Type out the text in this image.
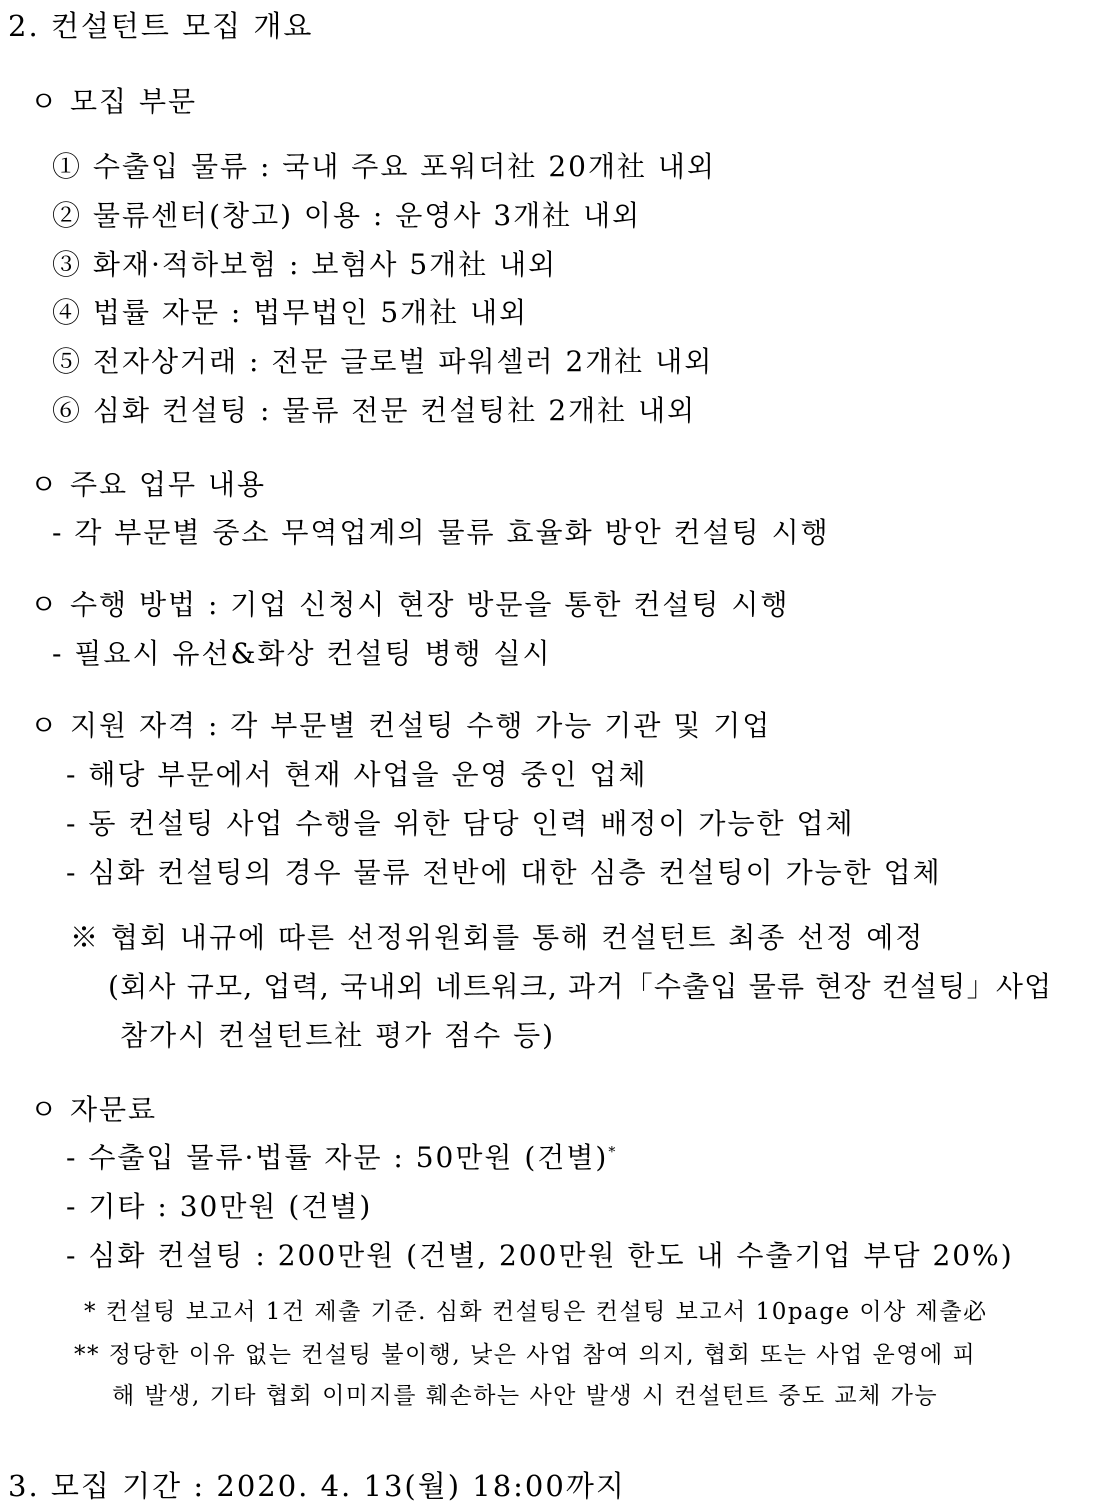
2. 컨설턴트 모집 개요
ㅇ 모집 부문
① 수출입 물류 : 국내 주요 포워더社 20개社 내외
② 물류센터(창고) 이용 : 운영사 3개社 내외
③ 화재·적하보험 : 보험사 5개社 내외
④ 법률 자문 : 법무법인 5개社 내외
⑤ 전자상거래 : 전문 글로벌 파워셀러 2개社 내외
⑥ 심화 컨설팅 : 물류 전문 컨설팅社 2개社 내외
ㅇ 주요 업무 내용
- 각 부문별 중소 무역업계의 물류 효율화 방안 컨설팅 시행
ㅇ 수행 방법 : 기업 신청시 현장 방문을 통한 컨설팅 시행
- 필요시 유선&화상 컨설팅 병행 실시
ㅇ 지원 자격 : 각 부문별 컨설팅 수행 가능 기관 및 기업
- 해당 부문에서 현재 사업을 운영 중인 업체
- 동 컨설팅 사업 수행을 위한 담당 인력 배정이 가능한 업체
- 심화 컨설팅의 경우 물류 전반에 대한 심층 컨설팅이 가능한 업체
※ 협회 내규에 따른 선정위원회를 통해 컨설턴트 최종 선정 예정
(회사 규모, 업력, 국내외 네트워크, 과거「수출입 물류 현장 컨설팅」사업
참가시 컨설턴트社 평가 점수 등)
ㅇ 자문료
- 수출입 물류·법률 자문 : 50만원 (건별)*
- 기타 : 30만원 (건별)
- 심화 컨설팅 : 200만원 (건별, 200만원 한도 내 수출기업 부담 20%)
* 컨설팅 보고서 1건 제출 기준. 심화 컨설팅은 컨설팅 보고서 10page 이상 제출必
** 정당한 이유 없는 컨설팅 불이행, 낮은 사업 참여 의지, 협회 또는 사업 운영에 피
해 발생, 기타 협회 이미지를 훼손하는 사안 발생 시 컨설턴트 중도 교체 가능
3. 모집 기간 : 2020. 4. 13(월) 18:00까지
